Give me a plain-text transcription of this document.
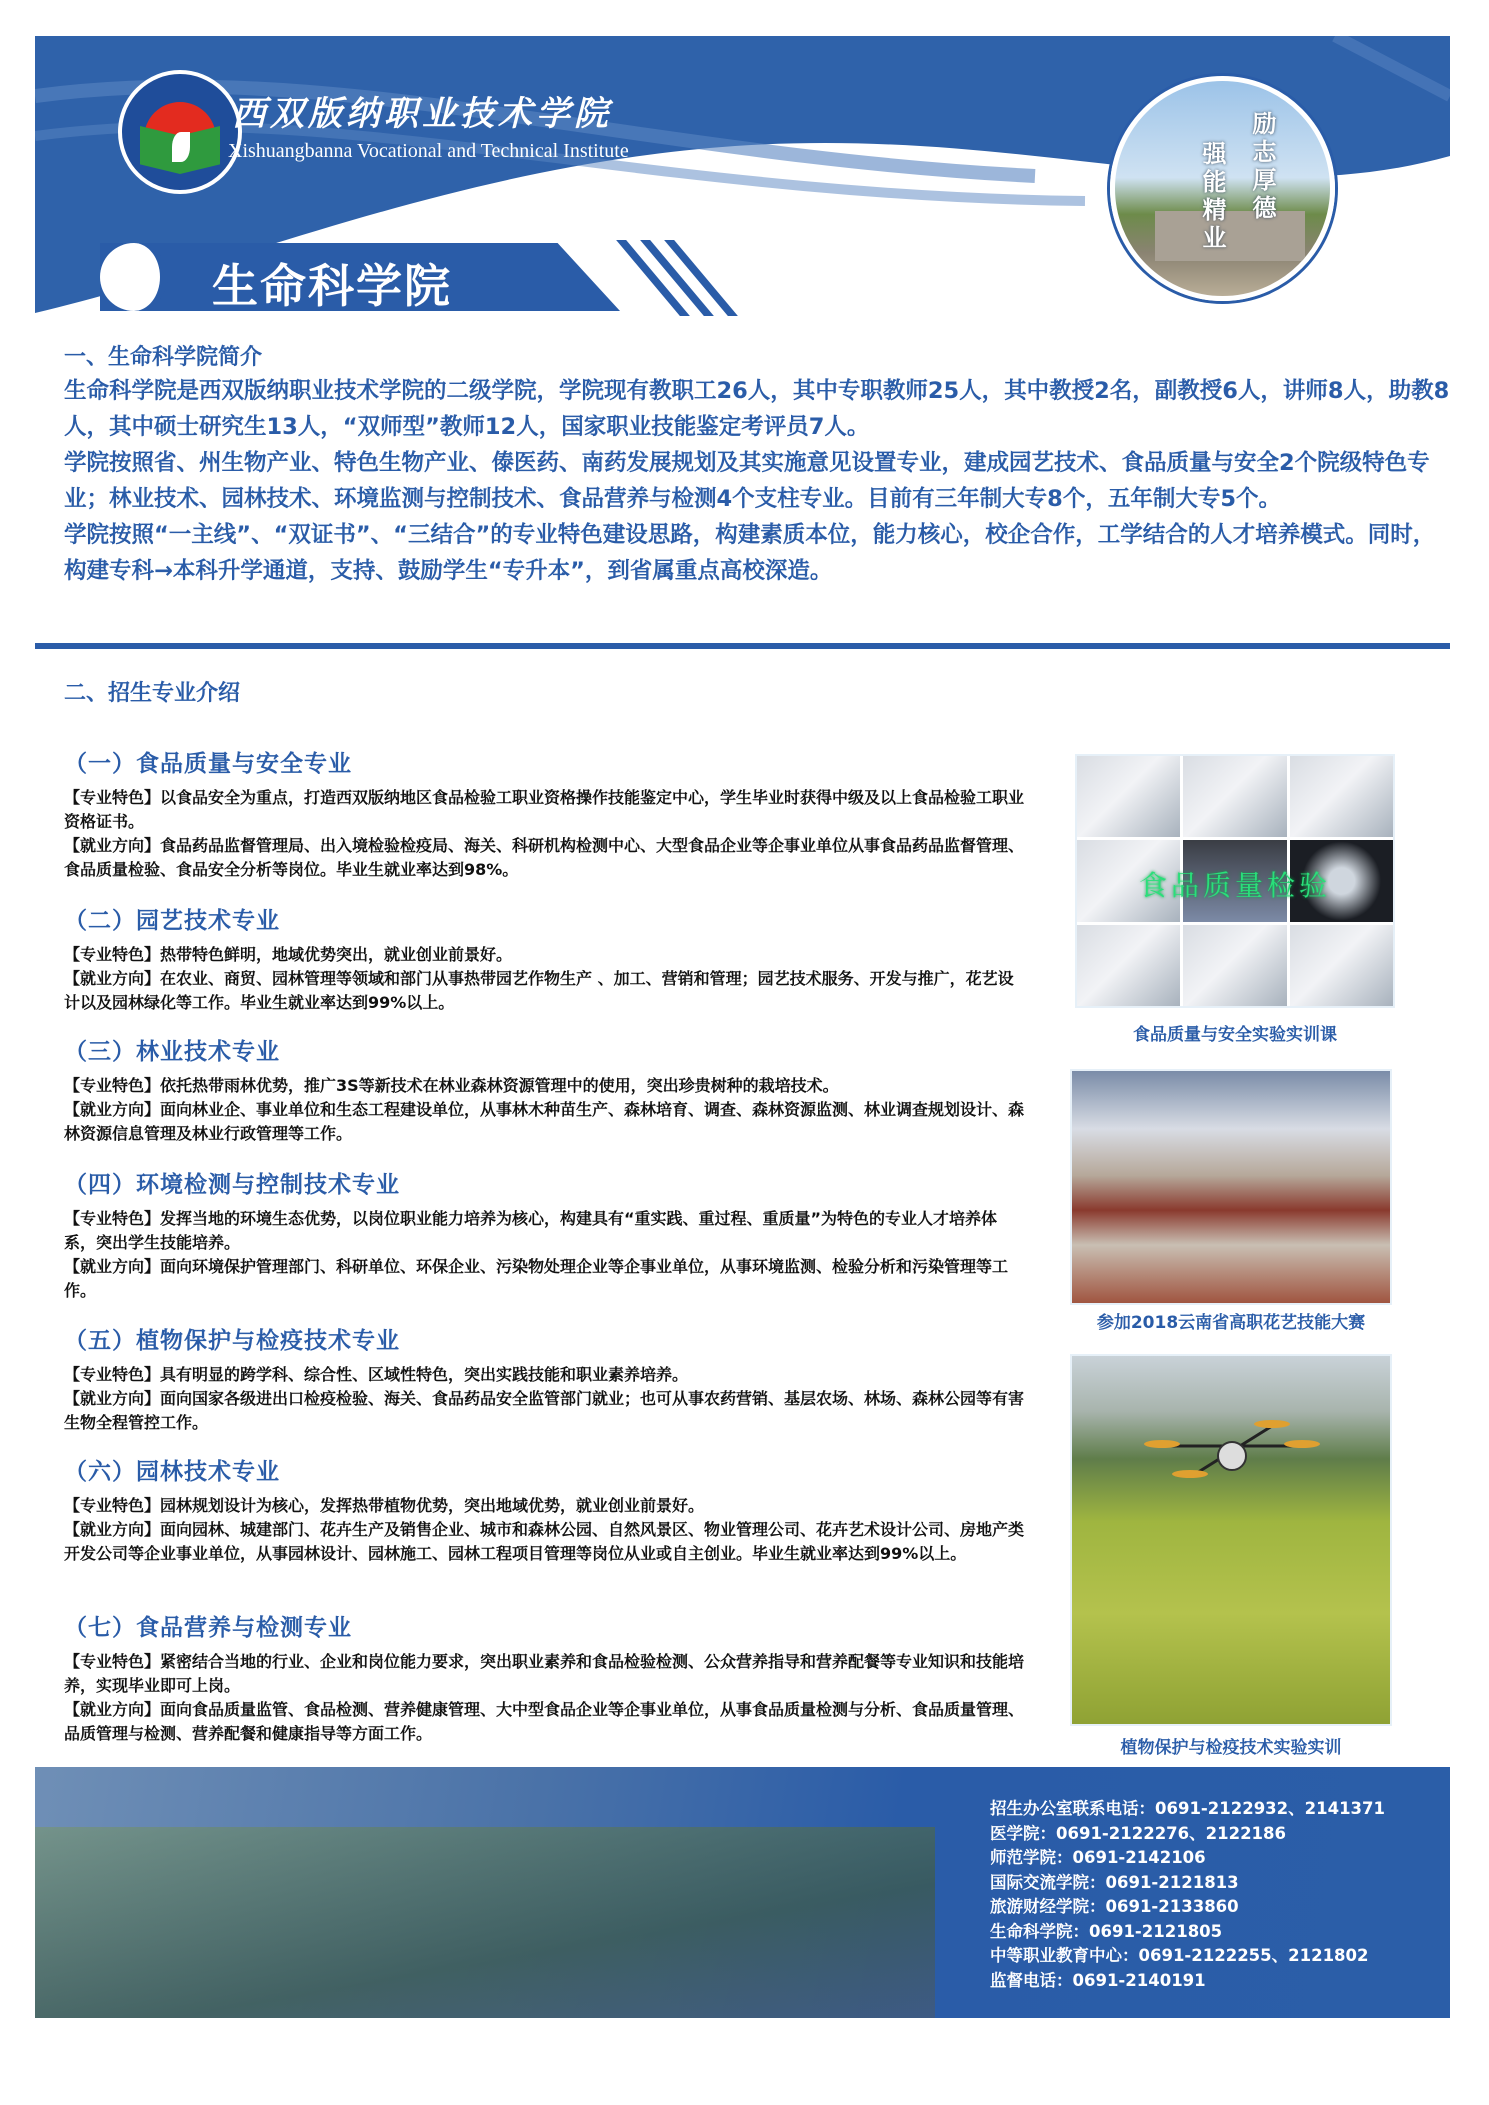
西双版纳职业技术学院
Xishuangbanna Vocational and Technical Institute	励志厚德
强能精业
生命科学院
一、生命科学院简介

生命科学院是西双版纳职业技术学院的二级学院，学院现有教职工26人，其中专职教师25人，其中教授2名，副教授6人，讲师8人，助教8人，其中硕士研究生13人，“双师型”教师12人，国家职业技能鉴定考评员7人。

学院按照省、州生物产业、特色生物产业、傣医药、南药发展规划及其实施意见设置专业，建成园艺技术、食品质量与安全2个院级特色专业；林业技术、园林技术、环境监测与控制技术、食品营养与检测4个支柱专业。目前有三年制大专8个，五年制大专5个。

学院按照“一主线”、“双证书”、“三结合”的专业特色建设思路，构建素质本位，能力核心，校企合作，工学结合的人才培养模式。同时，构建专科→本科升学通道，支持、鼓励学生“专升本”，到省属重点高校深造。

二、招生专业介绍
（一）食品质量与安全专业

【专业特色】以食品安全为重点，打造西双版纳地区食品检验工职业资格操作技能鉴定中心，学生毕业时获得中级及以上食品检验工职业资格证书。

【就业方向】食品药品监督管理局、出入境检验检疫局、海关、科研机构检测中心、大型食品企业等企事业单位从事食品药品监督管理、食品质量检验、食品安全分析等岗位。毕业生就业率达到98%。

（二）园艺技术专业

【专业特色】热带特色鲜明，地域优势突出，就业创业前景好。

【就业方向】在农业、商贸、园林管理等领域和部门从事热带园艺作物生产 、加工、营销和管理；园艺技术服务、开发与推广，花艺设计以及园林绿化等工作。毕业生就业率达到99%以上。

（三）林业技术专业

【专业特色】依托热带雨林优势，推广3S等新技术在林业森林资源管理中的使用，突出珍贵树种的栽培技术。

【就业方向】面向林业企、事业单位和生态工程建设单位，从事林木种苗生产、森林培育、调查、森林资源监测、林业调查规划设计、森林资源信息管理及林业行政管理等工作。

（四）环境检测与控制技术专业

【专业特色】发挥当地的环境生态优势，以岗位职业能力培养为核心，构建具有“重实践、重过程、重质量”为特色的专业人才培养体系，突出学生技能培养。

【就业方向】面向环境保护管理部门、科研单位、环保企业、污染物处理企业等企事业单位，从事环境监测、检验分析和污染管理等工作。

（五）植物保护与检疫技术专业

【专业特色】具有明显的跨学科、综合性、区域性特色，突出实践技能和职业素养培养。

【就业方向】面向国家各级进出口检疫检验、海关、食品药品安全监管部门就业；也可从事农药营销、基层农场、林场、森林公园等有害生物全程管控工作。

（六）园林技术专业

【专业特色】园林规划设计为核心，发挥热带植物优势，突出地域优势，就业创业前景好。

【就业方向】面向园林、城建部门、花卉生产及销售企业、城市和森林公园、自然风景区、物业管理公司、花卉艺术设计公司、房地产类开发公司等企业事业单位，从事园林设计、园林施工、园林工程项目管理等岗位从业或自主创业。毕业生就业率达到99%以上。

（七）食品营养与检测专业

【专业特色】紧密结合当地的行业、企业和岗位能力要求，突出职业素养和食品检验检测、公众营养指导和营养配餐等专业知识和技能培养，实现毕业即可上岗。

【就业方向】面向食品质量监管、食品检测、营养健康管理、大中型食品企业等企事业单位，从事食品质量检测与分析、食品质量管理、品质管理与检测、营养配餐和健康指导等方面工作。

食品质量检验
食品质量与安全实验实训课
参加2018云南省高职花艺技能大赛
植物保护与检疫技术实验实训
招生办公室联系电话：0691-2122932、2141371
医学院：0691-2122276、2122186
师范学院：0691-2142106
国际交流学院：0691-2121813
旅游财经学院：0691-2133860
生命科学院：0691-2121805
中等职业教育中心：0691-2122255、2121802
监督电话：0691-2140191
